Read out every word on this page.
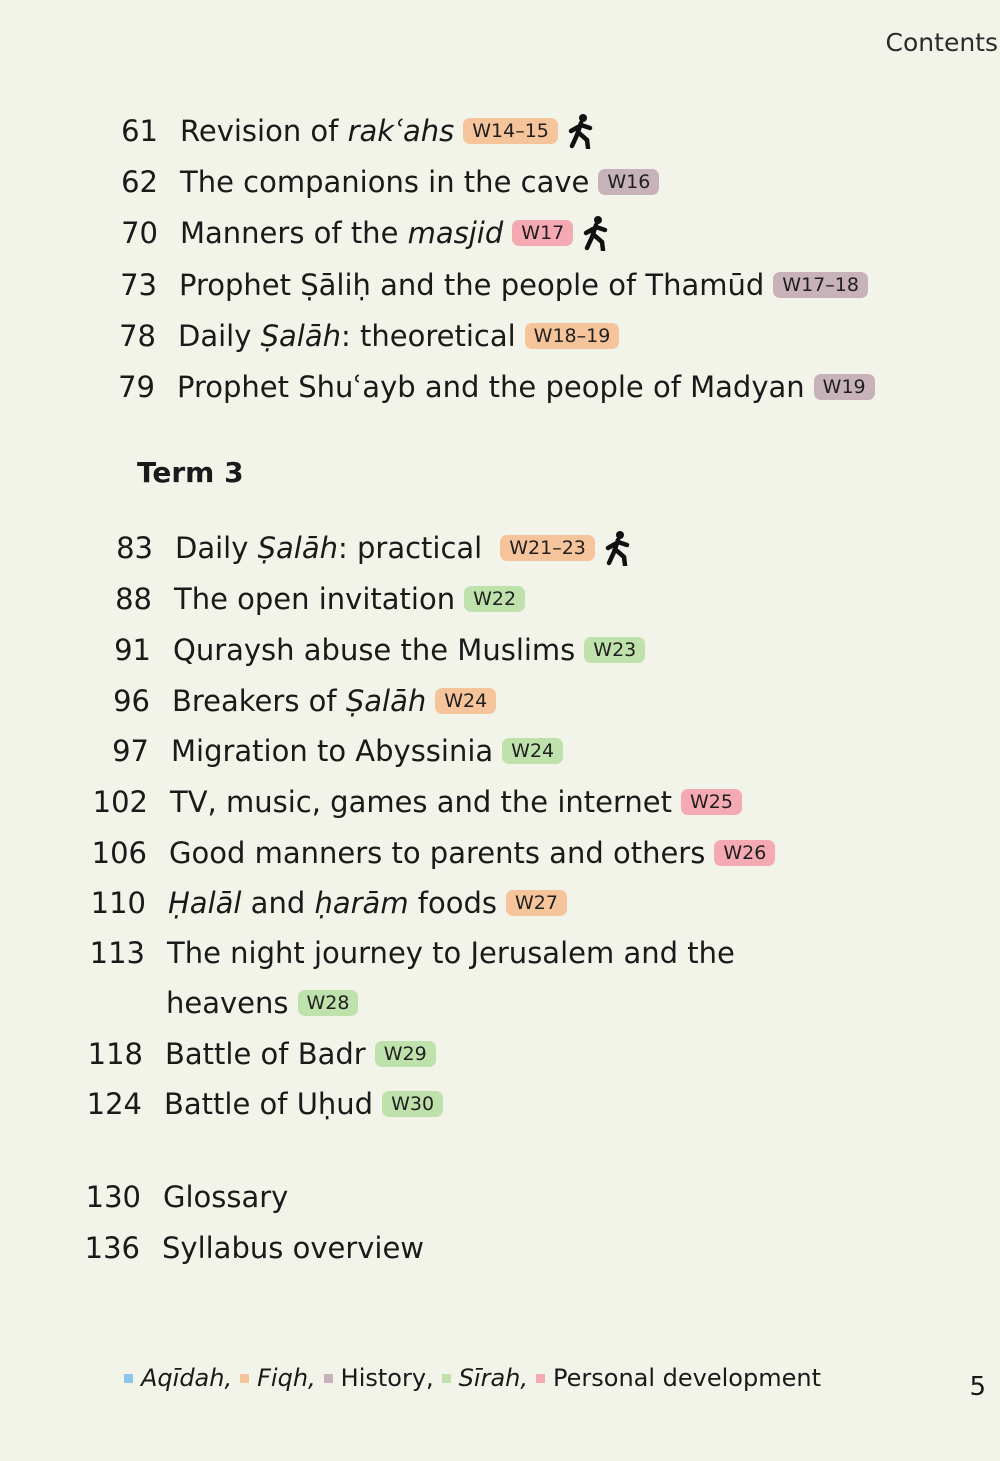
Contents
61 Revision of rakʿahs W14–15
62 The companions in the cave W16
70 Manners of the masjid W17
73 Prophet Ṣāliḥ and the people of Thamūd W17–18
78 Daily Ṣalāh: theoretical W18–19
79 Prophet Shuʿayb and the people of Madyan W19
Term 3
83 Daily Ṣalāh: practical	W21–23
88 The open invitation W22
91 Quraysh abuse the Muslims W23
96 Breakers of Ṣalāh W24
97 Migration to Abyssinia W24
102 TV, music, games and the internet W25
106 Good manners to parents and others W26
110 Ḥalāl and ḥarām foods W27
113 The night journey to Jerusalem and the
heavens W28
118 Battle of Badr W29
124 Battle of Uḥud W30
130 Glossary
136 Syllabus overview
Aqīdah, Fiqh, History, Sīrah, Personal development	5
